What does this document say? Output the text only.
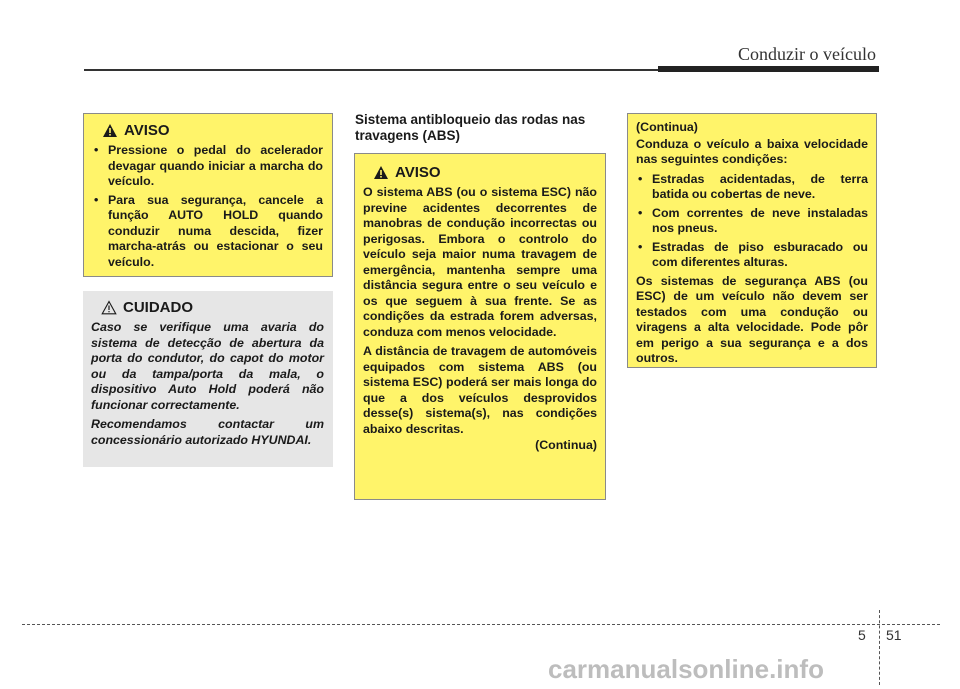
Conduzir o veículo
AVISO
• Pressione o pedal do acelerador devagar quando iniciar a marcha do veículo.
• Para sua segurança, cancele a função AUTO HOLD quando conduzir numa descida, fizer marcha-atrás ou estacionar o seu veículo.
CUIDADO

Caso se verifique uma avaria do sistema de detecção de abertura da porta do condutor, do capot do motor ou da tampa/porta da mala, o dispositivo Auto Hold poderá não funcionar correctamente.

Recomendamos contactar um concessionário autorizado HYUNDAI.

Sistema antibloqueio das rodas nas travagens (ABS)
AVISO

O sistema ABS (ou o sistema ESC) não previne acidentes decorrentes de manobras de condução incorrectas ou perigosas. Embora o controlo do veículo seja maior numa travagem de emergência, mantenha sempre uma distância segura entre o seu veículo e os que seguem à sua frente. Se as condições da estrada forem adversas, conduza com menos velocidade.

A distância de travagem de automóveis equipados com sistema ABS (ou sistema ESC) poderá ser mais longa do que a dos veículos desprovidos desse(s) sistema(s), nas condições abaixo descritas.

(Continua)

(Continua)

Conduza o veículo a baixa velocidade nas seguintes condições:

• Estradas acidentadas, de terra batida ou cobertas de neve.
• Com correntes de neve instaladas nos pneus.
• Estradas de piso esburacado ou com diferentes alturas.

Os sistemas de segurança ABS (ou ESC) de um veículo não devem ser testados com uma condução ou viragens a alta velocidade. Pode pôr em perigo a sua segurança e a dos outros.

5 51
carmanualsonline.info
